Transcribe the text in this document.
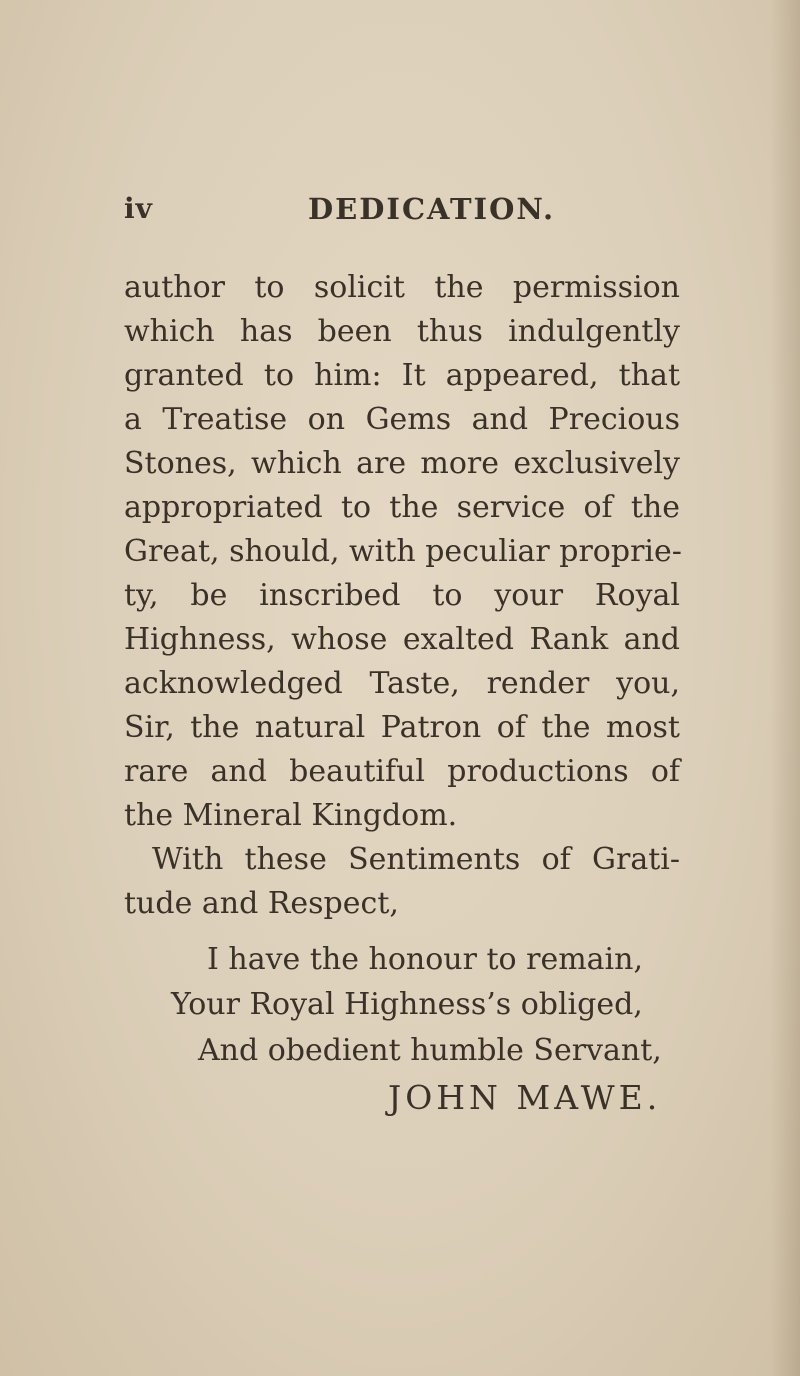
iv	DEDICATION.
author to solicit the permission
which has been thus indulgently
granted to him: It appeared, that
a Treatise on Gems and Precious
Stones, which are more exclusively
appropriated to the service of the
Great, should, with peculiar proprie-
ty, be inscribed to your Royal
Highness, whose exalted Rank and
acknowledged Taste, render you,
Sir, the natural Patron of the most
rare and beautiful productions of
the Mineral Kingdom.
With these Sentiments of Grati-
tude and Respect,
I have the honour to remain,
Your Royal Highness’s obliged,
And obedient humble Servant,
JOHN MAWE.
